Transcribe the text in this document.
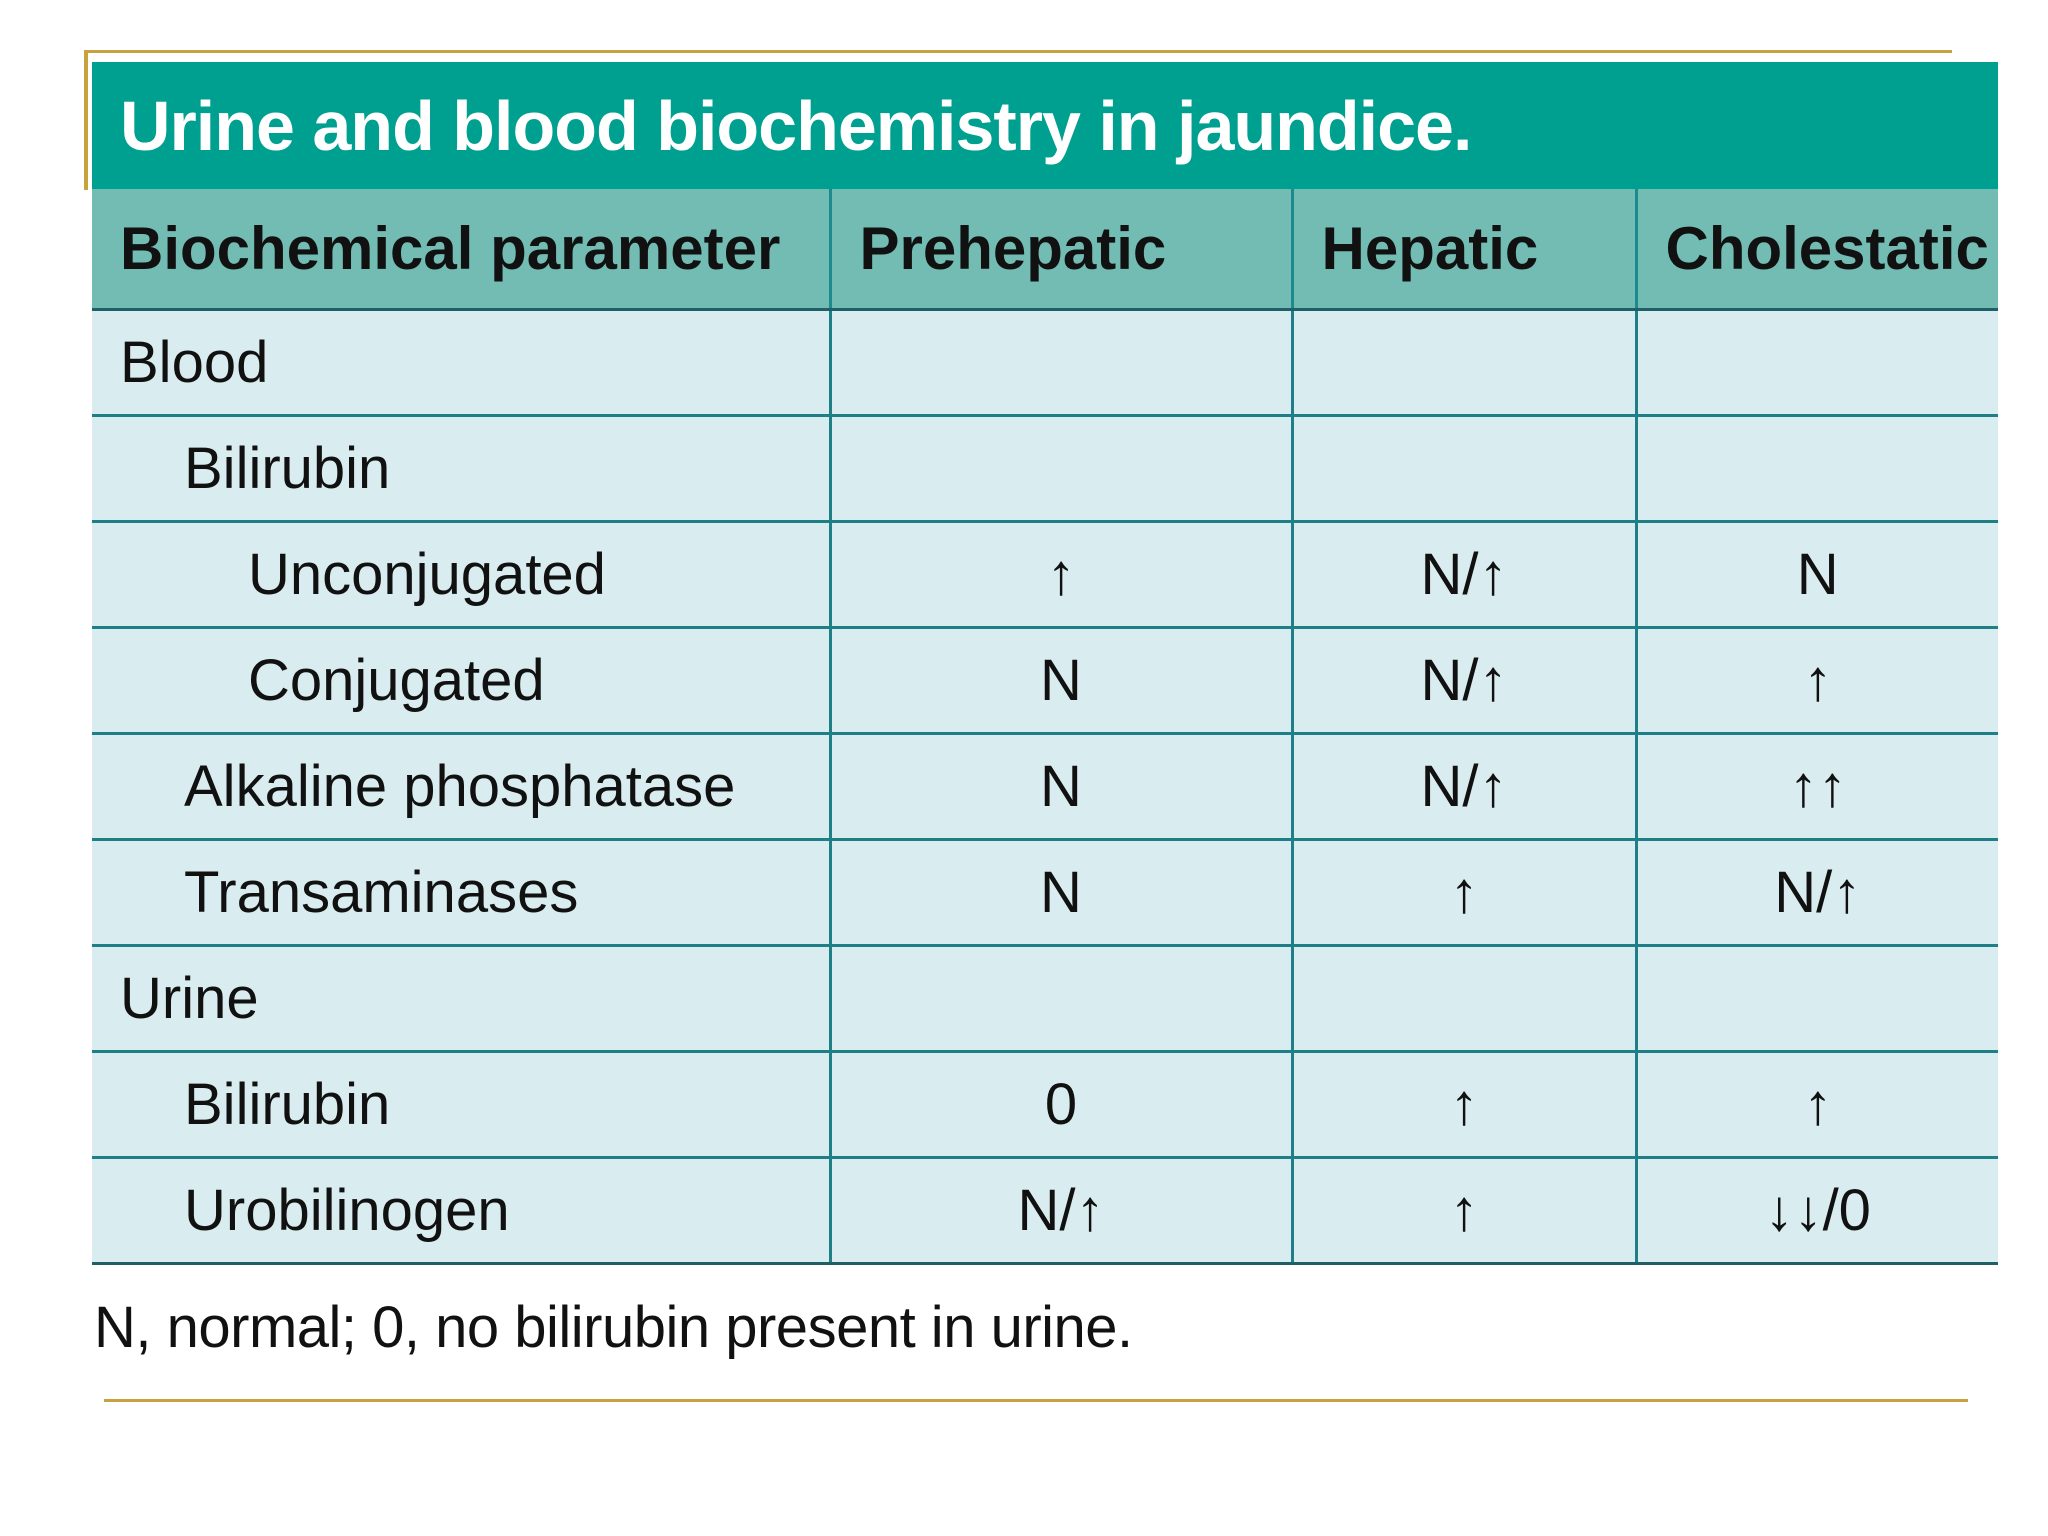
Urine and blood biochemistry in jaundice.
Biochemical parameter	Prehepatic	Hepatic	Cholestatic
Blood			
Bilirubin			
Unconjugated	↑	N/↑	N
Conjugated	N	N/↑	↑
Alkaline phosphatase	N	N/↑	↑↑
Transaminases	N	↑	N/↑
Urine			
Bilirubin	0	↑	↑
Urobilinogen	N/↑	↑	↓↓/0
N, normal; 0, no bilirubin present in urine.
